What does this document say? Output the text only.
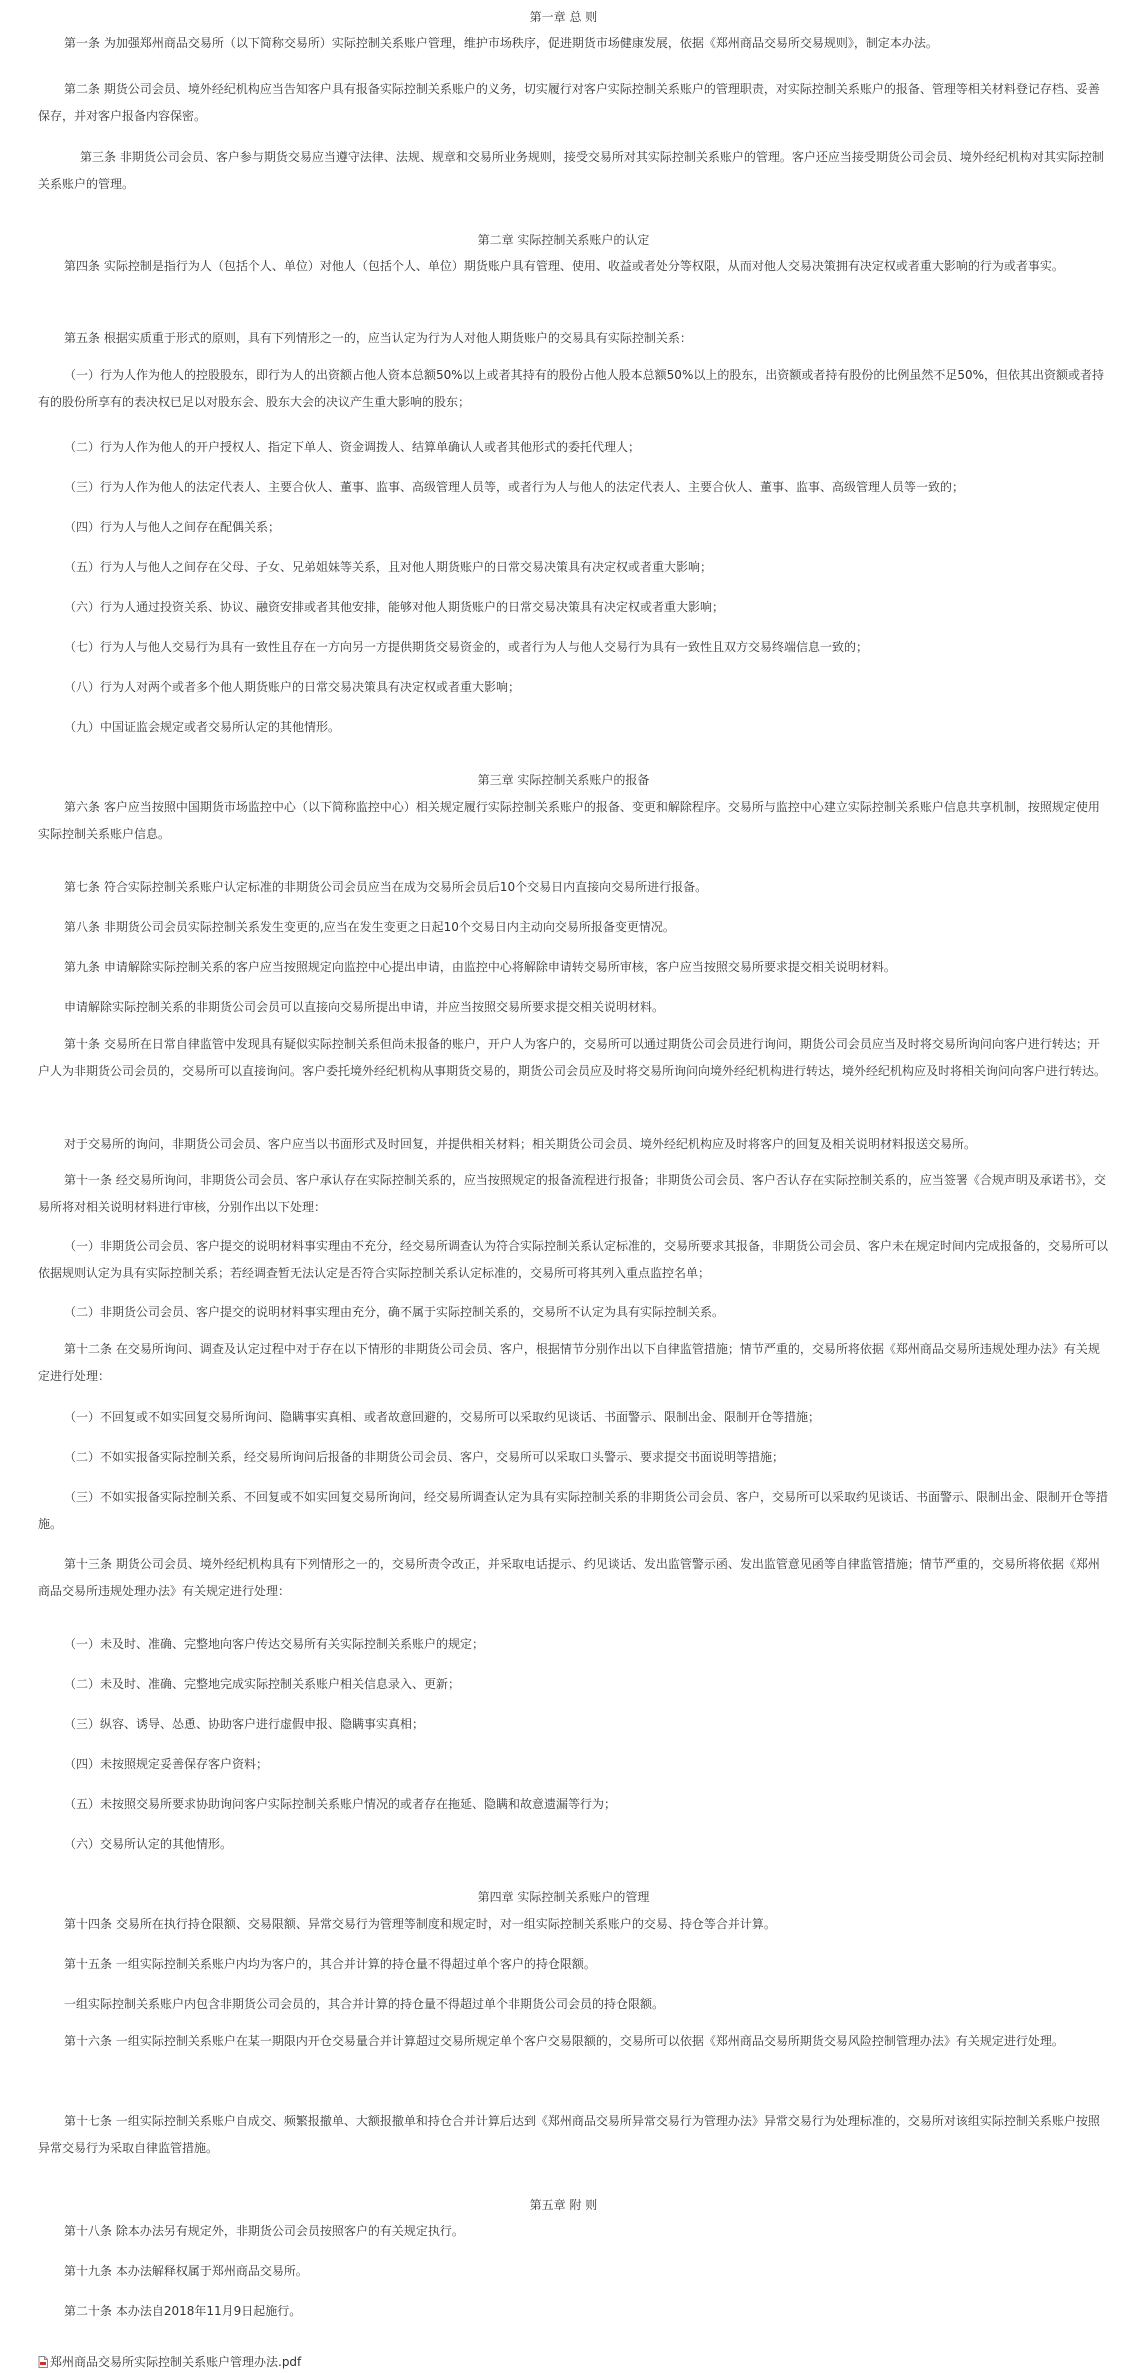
第一章 总 则
第一条 为加强郑州商品交易所（以下简称交易所）实际控制关系账户管理，维护市场秩序，促进期货市场健康发展，依据《郑州商品交易所交易规则》，制定本办法。
第二条 期货公司会员、境外经纪机构应当告知客户具有报备实际控制关系账户的义务，切实履行对客户实际控制关系账户的管理职责，对实际控制关系账户的报备、管理等相关材料登记存档、妥善保存，并对客户报备内容保密。
第三条 非期货公司会员、客户参与期货交易应当遵守法律、法规、规章和交易所业务规则，接受交易所对其实际控制关系账户的管理。客户还应当接受期货公司会员、境外经纪机构对其实际控制关系账户的管理。
第二章 实际控制关系账户的认定
第四条 实际控制是指行为人（包括个人、单位）对他人（包括个人、单位）期货账户具有管理、使用、收益或者处分等权限，从而对他人交易决策拥有决定权或者重大影响的行为或者事实。
第五条 根据实质重于形式的原则，具有下列情形之一的，应当认定为行为人对他人期货账户的交易具有实际控制关系：
（一）行为人作为他人的控股股东，即行为人的出资额占他人资本总额50%以上或者其持有的股份占他人股本总额50%以上的股东，出资额或者持有股份的比例虽然不足50%，但依其出资额或者持有的股份所享有的表决权已足以对股东会、股东大会的决议产生重大影响的股东；
（二）行为人作为他人的开户授权人、指定下单人、资金调拨人、结算单确认人或者其他形式的委托代理人；
（三）行为人作为他人的法定代表人、主要合伙人、董事、监事、高级管理人员等，或者行为人与他人的法定代表人、主要合伙人、董事、监事、高级管理人员等一致的；
（四）行为人与他人之间存在配偶关系；
（五）行为人与他人之间存在父母、子女、兄弟姐妹等关系，且对他人期货账户的日常交易决策具有决定权或者重大影响；
（六）行为人通过投资关系、协议、融资安排或者其他安排，能够对他人期货账户的日常交易决策具有决定权或者重大影响；
（七）行为人与他人交易行为具有一致性且存在一方向另一方提供期货交易资金的，或者行为人与他人交易行为具有一致性且双方交易终端信息一致的；
（八）行为人对两个或者多个他人期货账户的日常交易决策具有决定权或者重大影响；
（九）中国证监会规定或者交易所认定的其他情形。
第三章 实际控制关系账户的报备
第六条 客户应当按照中国期货市场监控中心（以下简称监控中心）相关规定履行实际控制关系账户的报备、变更和解除程序。交易所与监控中心建立实际控制关系账户信息共享机制，按照规定使用实际控制关系账户信息。
第七条 符合实际控制关系账户认定标准的非期货公司会员应当在成为交易所会员后10个交易日内直接向交易所进行报备。
第八条 非期货公司会员实际控制关系发生变更的,应当在发生变更之日起10个交易日内主动向交易所报备变更情况。
第九条 申请解除实际控制关系的客户应当按照规定向监控中心提出申请，由监控中心将解除申请转交易所审核，客户应当按照交易所要求提交相关说明材料。
申请解除实际控制关系的非期货公司会员可以直接向交易所提出申请，并应当按照交易所要求提交相关说明材料。
第十条 交易所在日常自律监管中发现具有疑似实际控制关系但尚未报备的账户，开户人为客户的，交易所可以通过期货公司会员进行询问，期货公司会员应当及时将交易所询问向客户进行转达；开户人为非期货公司会员的，交易所可以直接询问。客户委托境外经纪机构从事期货交易的，期货公司会员应及时将交易所询问向境外经纪机构进行转达，境外经纪机构应及时将相关询问向客户进行转达。
对于交易所的询问，非期货公司会员、客户应当以书面形式及时回复，并提供相关材料；相关期货公司会员、境外经纪机构应及时将客户的回复及相关说明材料报送交易所。
第十一条 经交易所询问，非期货公司会员、客户承认存在实际控制关系的，应当按照规定的报备流程进行报备；非期货公司会员、客户否认存在实际控制关系的，应当签署《合规声明及承诺书》，交易所将对相关说明材料进行审核，分别作出以下处理：
（一）非期货公司会员、客户提交的说明材料事实理由不充分，经交易所调查认为符合实际控制关系认定标准的，交易所要求其报备，非期货公司会员、客户未在规定时间内完成报备的，交易所可以依据规则认定为具有实际控制关系；若经调查暂无法认定是否符合实际控制关系认定标准的，交易所可将其列入重点监控名单；
（二）非期货公司会员、客户提交的说明材料事实理由充分，确不属于实际控制关系的，交易所不认定为具有实际控制关系。
第十二条 在交易所询问、调查及认定过程中对于存在以下情形的非期货公司会员、客户，根据情节分别作出以下自律监管措施；情节严重的，交易所将依据《郑州商品交易所违规处理办法》有关规定进行处理：
（一）不回复或不如实回复交易所询问、隐瞒事实真相、或者故意回避的，交易所可以采取约见谈话、书面警示、限制出金、限制开仓等措施；
（二）不如实报备实际控制关系，经交易所询问后报备的非期货公司会员、客户，交易所可以采取口头警示、要求提交书面说明等措施；
（三）不如实报备实际控制关系、不回复或不如实回复交易所询问，经交易所调查认定为具有实际控制关系的非期货公司会员、客户，交易所可以采取约见谈话、书面警示、限制出金、限制开仓等措施。
第十三条 期货公司会员、境外经纪机构具有下列情形之一的，交易所责令改正，并采取电话提示、约见谈话、发出监管警示函、发出监管意见函等自律监管措施；情节严重的，交易所将依据《郑州商品交易所违规处理办法》有关规定进行处理：
（一）未及时、准确、完整地向客户传达交易所有关实际控制关系账户的规定；
（二）未及时、准确、完整地完成实际控制关系账户相关信息录入、更新；
（三）纵容、诱导、怂恿、协助客户进行虚假申报、隐瞒事实真相；
（四）未按照规定妥善保存客户资料；
（五）未按照交易所要求协助询问客户实际控制关系账户情况的或者存在拖延、隐瞒和故意遗漏等行为；
（六）交易所认定的其他情形。
第四章 实际控制关系账户的管理
第十四条 交易所在执行持仓限额、交易限额、异常交易行为管理等制度和规定时，对一组实际控制关系账户的交易、持仓等合并计算。
第十五条 一组实际控制关系账户内均为客户的，其合并计算的持仓量不得超过单个客户的持仓限额。
一组实际控制关系账户内包含非期货公司会员的，其合并计算的持仓量不得超过单个非期货公司会员的持仓限额。
第十六条 一组实际控制关系账户在某一期限内开仓交易量合并计算超过交易所规定单个客户交易限额的，交易所可以依据《郑州商品交易所期货交易风险控制管理办法》有关规定进行处理。
第十七条 一组实际控制关系账户自成交、频繁报撤单、大额报撤单和持仓合并计算后达到《郑州商品交易所异常交易行为管理办法》异常交易行为处理标准的，交易所对该组实际控制关系账户按照异常交易行为采取自律监管措施。
第五章 附 则
第十八条 除本办法另有规定外，非期货公司会员按照客户的有关规定执行。
第十九条 本办法解释权属于郑州商品交易所。
第二十条 本办法自2018年11月9日起施行。
郑州商品交易所实际控制关系账户管理办法.pdf
